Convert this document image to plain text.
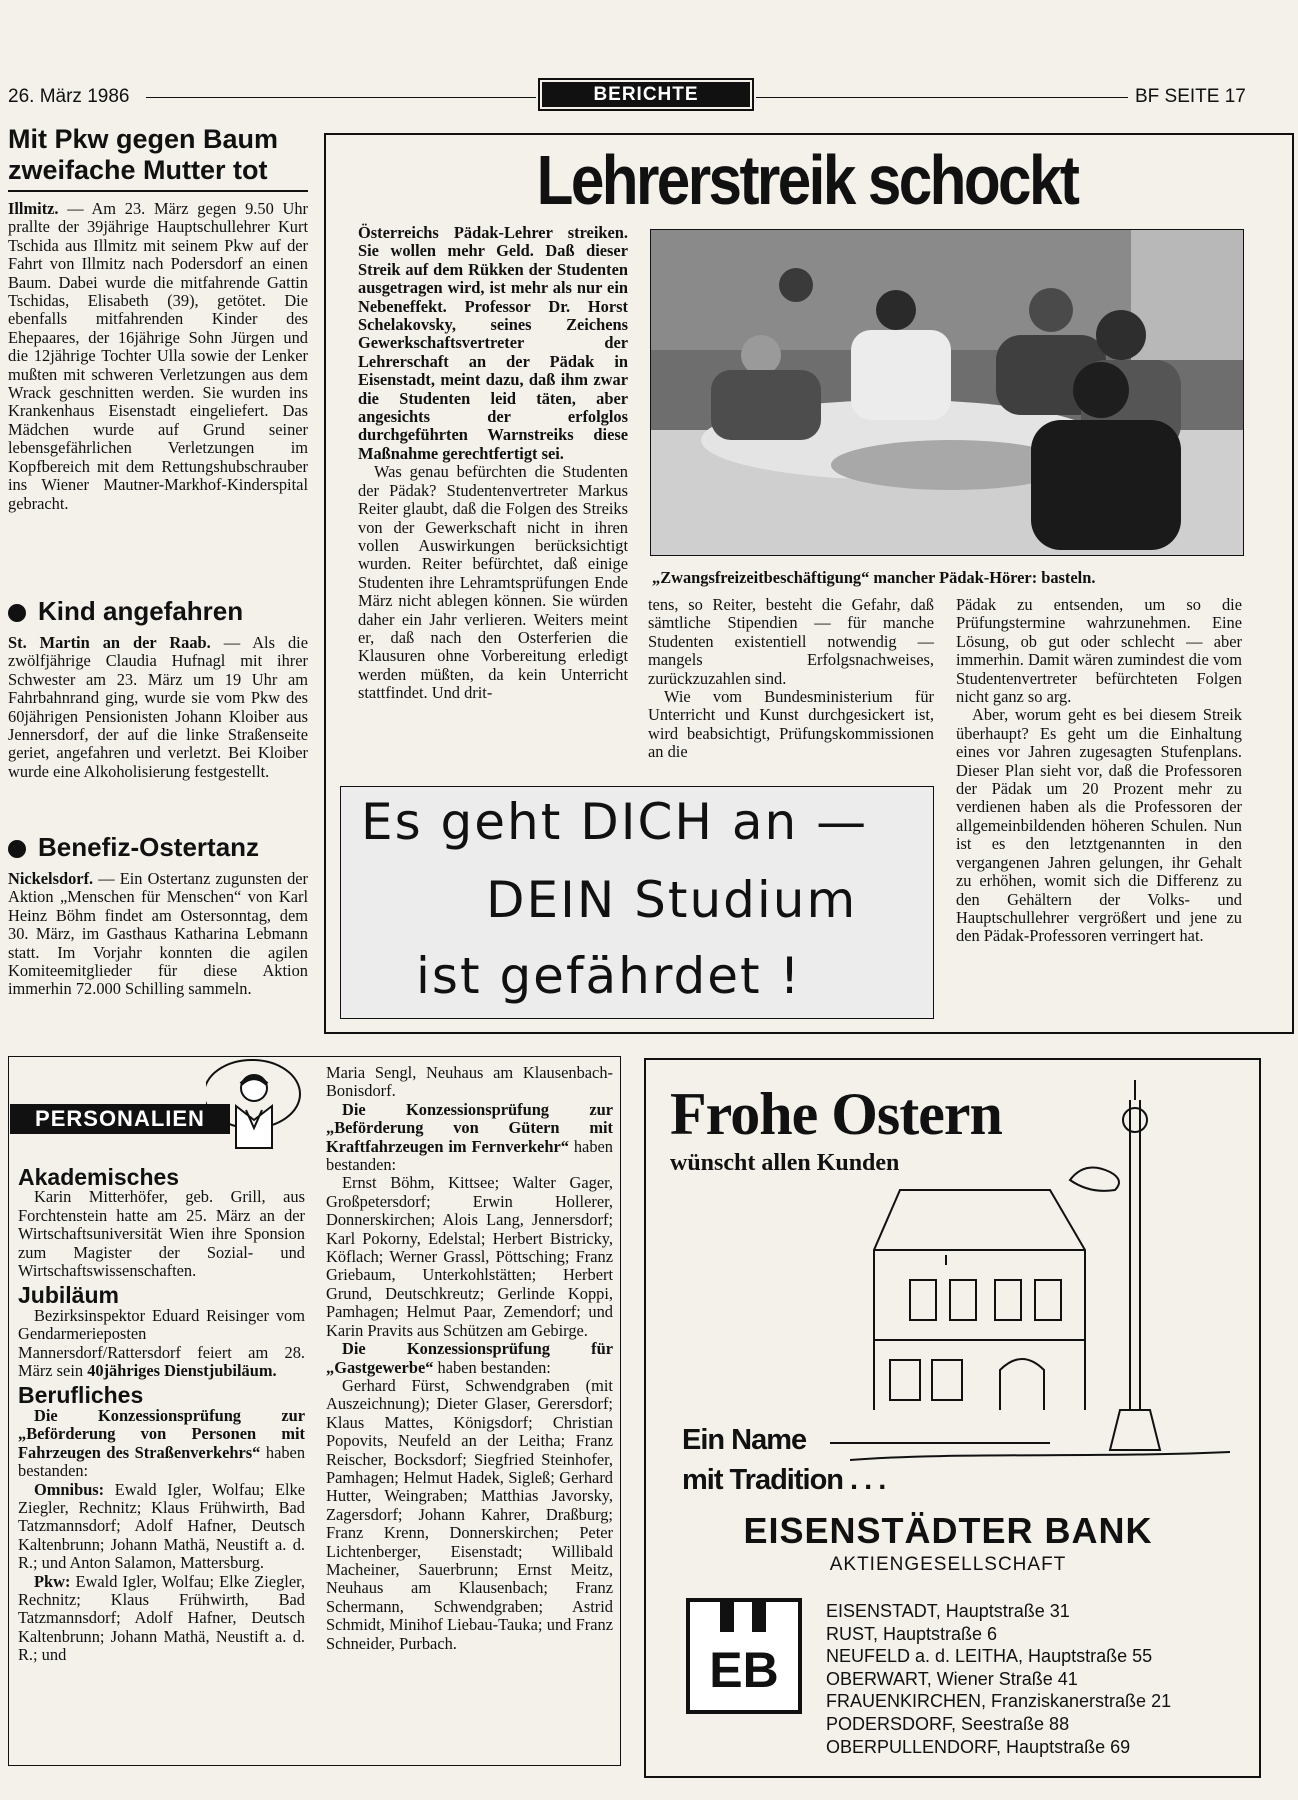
26. März 1986	BERICHTE	BF SEITE 17
Mit Pkw gegen Baum zweifache Mutter tot

Illmitz. — Am 23. März gegen 9.50 Uhr prallte der 39jährige Hauptschullehrer Kurt Tschida aus Illmitz mit seinem Pkw auf der Fahrt von Illmitz nach Podersdorf an einen Baum. Dabei wurde die mitfahrende Gattin Tschidas, Elisabeth (39), getötet. Die ebenfalls mitfahrenden Kinder des Ehepaares, der 16jährige Sohn Jürgen und die 12jährige Tochter Ulla sowie der Lenker mußten mit schweren Verletzungen aus dem Wrack geschnitten werden. Sie wurden ins Krankenhaus Eisenstadt eingeliefert. Das Mädchen wurde auf Grund seiner lebensgefährlichen Verletzungen im Kopfbereich mit dem Rettungshubschrauber ins Wiener Mautner-Markhof-Kinderspital gebracht.

Kind angefahren

St. Martin an der Raab. — Als die zwölfjährige Claudia Hufnagl mit ihrer Schwester am 23. März um 19 Uhr am Fahrbahnrand ging, wurde sie vom Pkw des 60jährigen Pensionisten Johann Kloiber aus Jennersdorf, der auf die linke Straßenseite geriet, angefahren und verletzt. Bei Kloiber wurde eine Alkoholisierung festgestellt.

Benefiz-Ostertanz

Nickelsdorf. — Ein Ostertanz zugunsten der Aktion „Menschen für Menschen“ von Karl Heinz Böhm findet am Ostersonntag, dem 30. März, im Gasthaus Katharina Lebmann statt. Im Vorjahr konnten die agilen Komiteemitglieder für diese Aktion immerhin 72.000 Schilling sammeln.

Lehrerstreik schockt

Österreichs Pädak-Lehrer streiken. Sie wollen mehr Geld. Daß dieser Streik auf dem Rükken der Studenten ausgetragen wird, ist mehr als nur ein Nebeneffekt. Professor Dr. Horst Schelakovsky, seines Zeichens Gewerkschaftsvertreter der Lehrerschaft an der Pädak in Eisenstadt, meint dazu, daß ihm zwar die Studenten leid täten, aber angesichts der erfolglos durchgeführten Warnstreiks diese Maßnahme gerechtfertigt sei.

Was genau befürchten die Studenten der Pädak? Studentenvertreter Markus Reiter glaubt, daß die Folgen des Streiks von der Gewerkschaft nicht in ihren vollen Auswirkungen berücksichtigt wurden. Reiter befürchtet, daß einige Studenten ihre Lehramtsprüfungen Ende März nicht ablegen können. Sie würden daher ein Jahr verlieren. Weiters meint er, daß nach den Osterferien die Klausuren ohne Vorbereitung erledigt werden müßten, da kein Unterricht stattfindet. Und drit-

„Zwangsfreizeitbeschäftigung“ mancher Pädak-Hörer: basteln.

tens, so Reiter, besteht die Gefahr, daß sämtliche Stipendien — für manche Studenten existentiell notwendig — mangels Erfolgsnachweises, zurückzuzahlen sind.

Wie vom Bundesministerium für Unterricht und Kunst durchgesickert ist, wird beabsichtigt, Prüfungskommissionen an die

Pädak zu entsenden, um so die Prüfungstermine wahrzunehmen. Eine Lösung, ob gut oder schlecht — aber immerhin. Damit wären zumindest die vom Studentenvertreter befürchteten Folgen nicht ganz so arg.

Aber, worum geht es bei diesem Streik überhaupt? Es geht um die Einhaltung eines vor Jahren zugesagten Stufenplans. Dieser Plan sieht vor, daß die Professoren der Pädak um 20 Prozent mehr zu verdienen haben als die Professoren der allgemeinbildenden höheren Schulen. Nun ist es den letztgenannten in den vergangenen Jahren gelungen, ihr Gehalt zu erhöhen, womit sich die Differenz zu den Gehältern der Volks- und Hauptschullehrer vergrößert und jene zu den Pädak-Professoren verringert hat.

Es geht DICH an —
DEIN Studium
ist gefährdet !
PERSONALIEN
Akademisches

Karin Mitterhöfer, geb. Grill, aus Forchtenstein hatte am 25. März an der Wirtschaftsuniversität Wien ihre Sponsion zum Magister der Sozial- und Wirtschaftswissenschaften.

Jubiläum

Bezirksinspektor Eduard Reisinger vom Gendarmerieposten Mannersdorf/Rattersdorf feiert am 28. März sein 40jähriges Dienstjubiläum.

Berufliches

Die Konzessionsprüfung zur „Beförderung von Personen mit Fahrzeugen des Straßenverkehrs“ haben bestanden:

Omnibus: Ewald Igler, Wolfau; Elke Ziegler, Rechnitz; Klaus Frühwirth, Bad Tatzmannsdorf; Adolf Hafner, Deutsch Kaltenbrunn; Johann Mathä, Neustift a. d. R.; und Anton Salamon, Mattersburg.

Pkw: Ewald Igler, Wolfau; Elke Ziegler, Rechnitz; Klaus Frühwirth, Bad Tatzmannsdorf; Adolf Hafner, Deutsch Kaltenbrunn; Johann Mathä, Neustift a. d. R.; und

Maria Sengl, Neuhaus am Klausenbach-Bonisdorf.

Die Konzessionsprüfung zur „Beförderung von Gütern mit Kraftfahrzeugen im Fernverkehr“ haben bestanden:

Ernst Böhm, Kittsee; Walter Gager, Großpetersdorf; Erwin Hollerer, Donnerskirchen; Alois Lang, Jennersdorf; Karl Pokorny, Edelstal; Herbert Bistricky, Köflach; Werner Grassl, Pöttsching; Franz Griebaum, Unterkohlstätten; Herbert Grund, Deutschkreutz; Gerlinde Koppi, Pamhagen; Helmut Paar, Zemendorf; und Karin Pravits aus Schützen am Gebirge.

Die Konzessionsprüfung für „Gastgewerbe“ haben bestanden:

Gerhard Fürst, Schwendgraben (mit Auszeichnung); Dieter Glaser, Gerersdorf; Klaus Mattes, Königsdorf; Christian Popovits, Neufeld an der Leitha; Franz Reischer, Bocksdorf; Siegfried Steinhofer, Pamhagen; Helmut Hadek, Sigleß; Gerhard Hutter, Weingraben; Matthias Javorsky, Zagersdorf; Johann Kahrer, Draßburg; Franz Krenn, Donnerskirchen; Peter Lichtenberger, Eisenstadt; Willibald Macheiner, Sauerbrunn; Ernst Meitz, Neuhaus am Klausenbach; Franz Schermann, Schwendgraben; Astrid Schmidt, Minihof Liebau-Tauka; und Franz Schneider, Purbach.

Frohe Ostern
wünscht allen Kunden
Ein Name
mit Tradition . . .
EISENSTÄDTER BANK
AKTIENGESELLSCHAFT
EB
EISENSTADT, Hauptstraße 31
RUST, Hauptstraße 6
NEUFELD a. d. LEITHA, Hauptstraße 55
OBERWART, Wiener Straße 41
FRAUENKIRCHEN, Franziskanerstraße 21
PODERSDORF, Seestraße 88
OBERPULLENDORF, Hauptstraße 69
